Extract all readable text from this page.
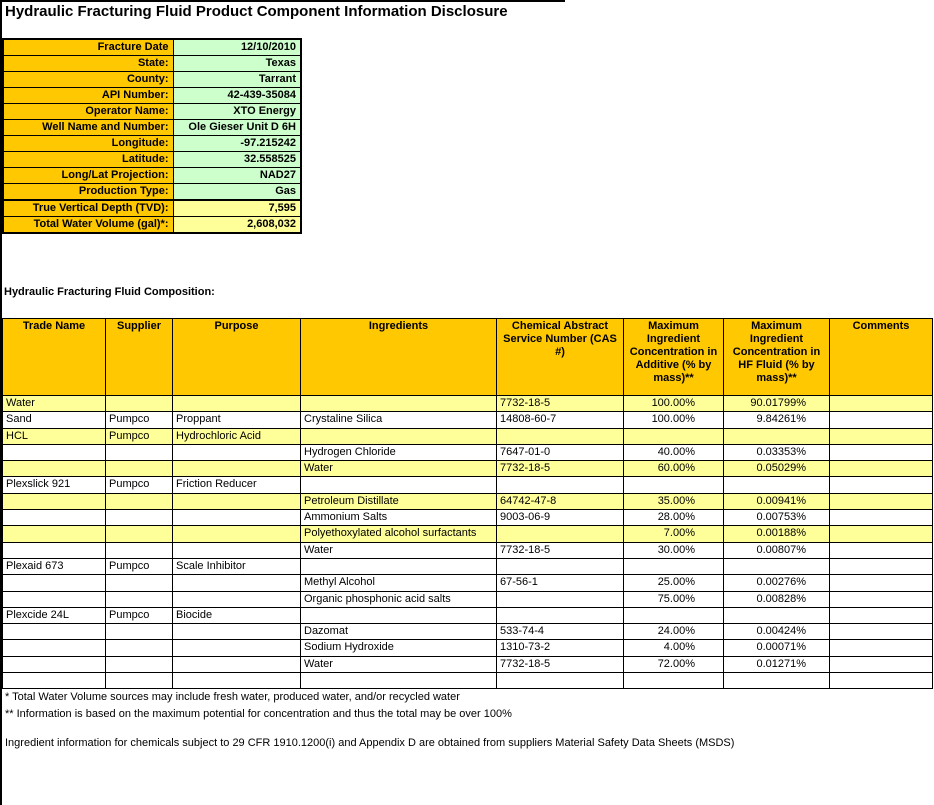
Hydraulic Fracturing Fluid Product Component Information Disclosure
Fracture Date	12/10/2010
State:	Texas
County:	Tarrant
API Number:	42-439-35084
Operator Name:	XTO Energy
Well Name and Number:	Ole Gieser Unit D 6H
Longitude:	-97.215242
Latitude:	32.558525
Long/Lat Projection:	NAD27
Production Type:	Gas
True Vertical Depth (TVD):	7,595
Total Water Volume (gal)*:	2,608,032
Hydraulic Fracturing Fluid Composition:
Trade Name	Supplier	Purpose	Ingredients	Chemical Abstract Service Number (CAS #)	Maximum Ingredient Concentration in Additive (% by mass)**	Maximum Ingredient Concentration in HF Fluid (% by mass)**	Comments
Water				7732-18-5	100.00%	90.01799%	
Sand	Pumpco	Proppant	Crystaline Silica	14808-60-7	100.00%	9.84261%	
HCL	Pumpco	Hydrochloric Acid					
			Hydrogen Chloride	7647-01-0	40.00%	0.03353%	
			Water	7732-18-5	60.00%	0.05029%	
Plexslick 921	Pumpco	Friction Reducer					
			Petroleum Distillate	64742-47-8	35.00%	0.00941%	
			Ammonium Salts	9003-06-9	28.00%	0.00753%	
			Polyethoxylated alcohol surfactants		7.00%	0.00188%	
			Water	7732-18-5	30.00%	0.00807%	
Plexaid 673	Pumpco	Scale Inhibitor					
			Methyl Alcohol	67-56-1	25.00%	0.00276%	
			Organic phosphonic acid salts		75.00%	0.00828%	
Plexcide 24L	Pumpco	Biocide					
			Dazomat	533-74-4	24.00%	0.00424%	
			Sodium Hydroxide	1310-73-2	4.00%	0.00071%	
			Water	7732-18-5	72.00%	0.01271%	

* Total Water Volume sources may include fresh water, produced water, and/or recycled water
** Information is based on the maximum potential for concentration and thus the total may be over 100%
Ingredient information for chemicals subject to 29 CFR 1910.1200(i) and Appendix D are obtained from suppliers Material Safety Data Sheets (MSDS)
